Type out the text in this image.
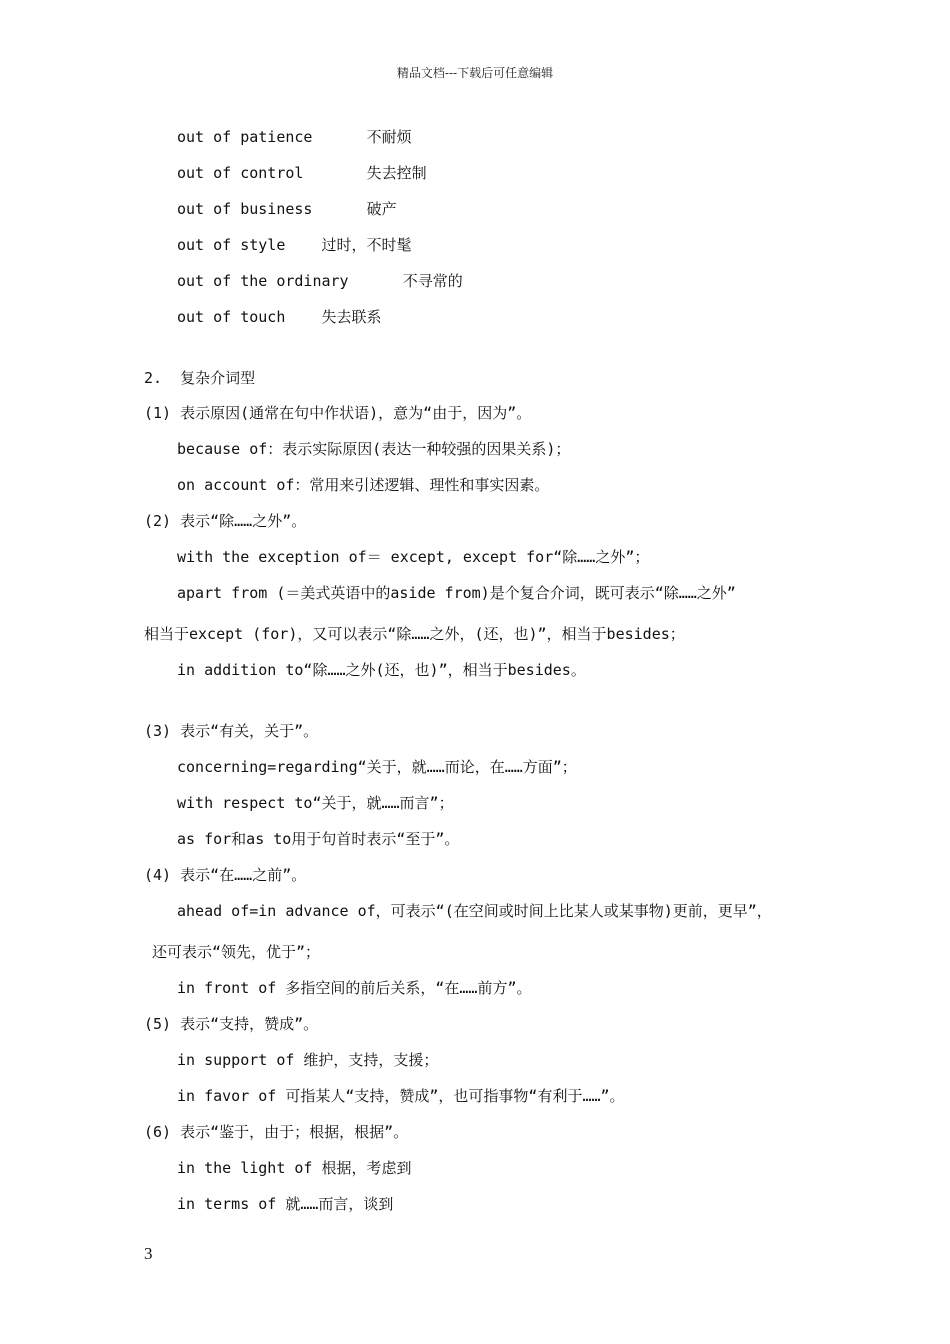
精品文档---下载后可任意编辑
out of patience      不耐烦
out of control       失去控制
out of business      破产
out of style    过时，不时髦
out of the ordinary      不寻常的
out of touch    失去联系
2.  复杂介词型
(1) 表示原因(通常在句中作状语)，意为“由于，因为”。
because of：表示实际原因(表达一种较强的因果关系)；
on account of：常用来引述逻辑、理性和事实因素。
(2) 表示“除……之外”。
with the exception of＝ except, except for“除……之外”；
apart from (＝美式英语中的aside from)是个复合介词，既可表示“除……之外”
相当于except (for)，又可以表示“除……之外，(还，也)”，相当于besides；
in addition to“除……之外(还，也)”，相当于besides。
(3) 表示“有关，关于”。
concerning=regarding“关于，就……而论，在……方面”；
with respect to“关于，就……而言”；
as for和as to用于句首时表示“至于”。
(4) 表示“在……之前”。
ahead of=in advance of，可表示“(在空间或时间上比某人或某事物)更前，更早”，
还可表示“领先，优于”；
in front of 多指空间的前后关系，“在……前方”。
(5) 表示“支持，赞成”。
in support of 维护，支持，支援；
in favor of 可指某人“支持，赞成”，也可指事物“有利于……”。
(6) 表示“鉴于，由于；根据，根据”。
in the light of 根据，考虑到
in terms of 就……而言，谈到
3
